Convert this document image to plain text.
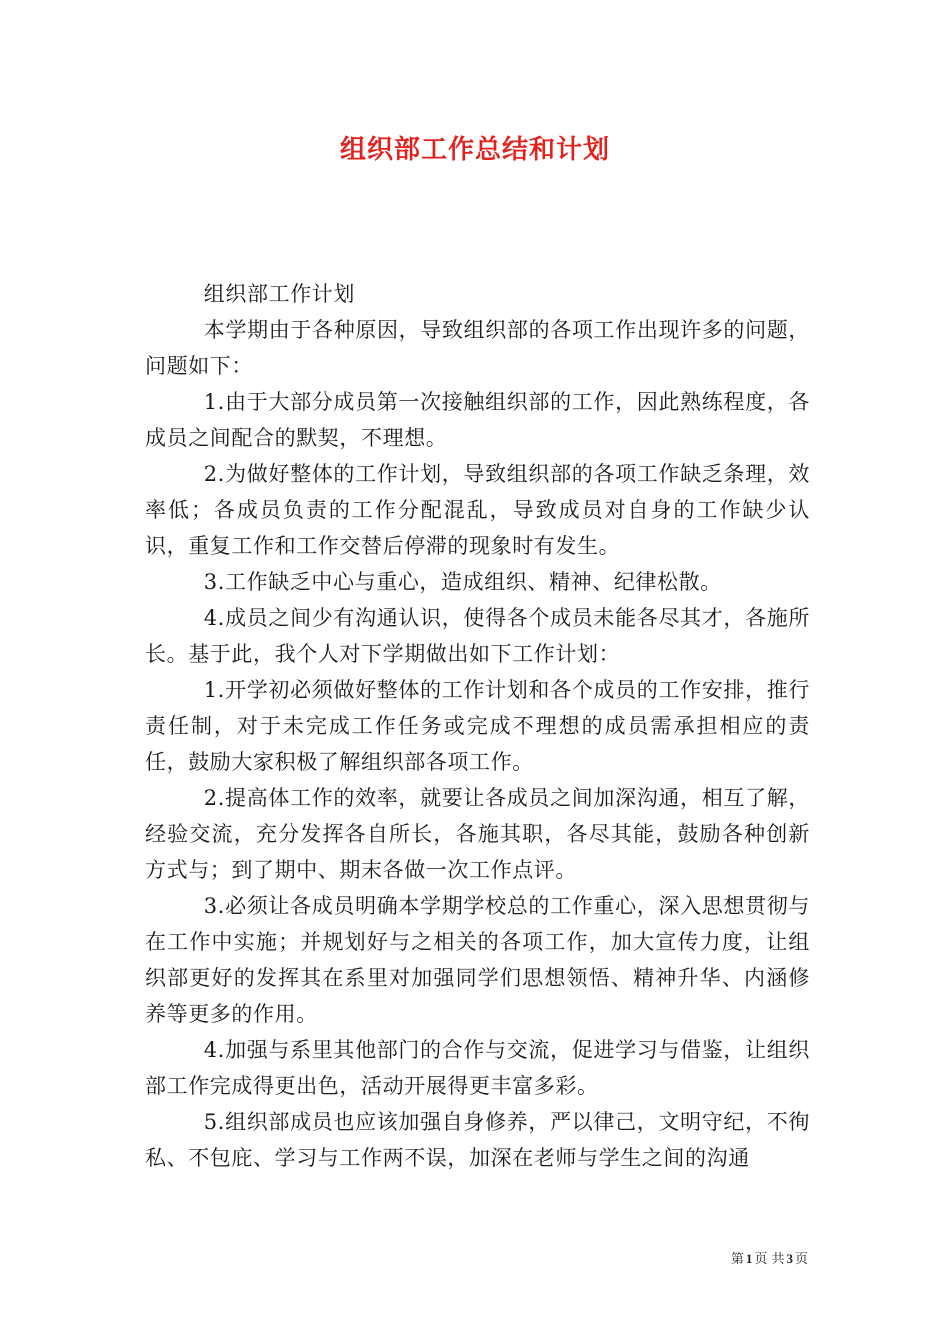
组织部工作总结和计划

组织部工作计划

本学期由于各种原因，导致组织部的各项工作出现许多的问题，问题如下：

1.由于大部分成员第一次接触组织部的工作，因此熟练程度，各成员之间配合的默契，不理想。

2.为做好整体的工作计划，导致组织部的各项工作缺乏条理，效率低；各成员负责的工作分配混乱，导致成员对自身的工作缺少认识，重复工作和工作交替后停滞的现象时有发生。

3.工作缺乏中心与重心，造成组织、精神、纪律松散。

4.成员之间少有沟通认识，使得各个成员未能各尽其才，各施所长。基于此，我个人对下学期做出如下工作计划：

1.开学初必须做好整体的工作计划和各个成员的工作安排，推行责任制，对于未完成工作任务或完成不理想的成员需承担相应的责任，鼓励大家积极了解组织部各项工作。

2.提高体工作的效率，就要让各成员之间加深沟通，相互了解，经验交流，充分发挥各自所长，各施其职，各尽其能，鼓励各种创新方式与；到了期中、期末各做一次工作点评。

3.必须让各成员明确本学期学校总的工作重心，深入思想贯彻与在工作中实施；并规划好与之相关的各项工作，加大宣传力度，让组织部更好的发挥其在系里对加强同学们思想领悟、精神升华、内涵修养等更多的作用。

4.加强与系里其他部门的合作与交流，促进学习与借鉴，让组织部工作完成得更出色，活动开展得更丰富多彩。

5.组织部成员也应该加强自身修养，严以律己，文明守纪，不徇私、不包庇、学习与工作两不误，加深在老师与学生之间的沟通

第 1 页 共 3 页
